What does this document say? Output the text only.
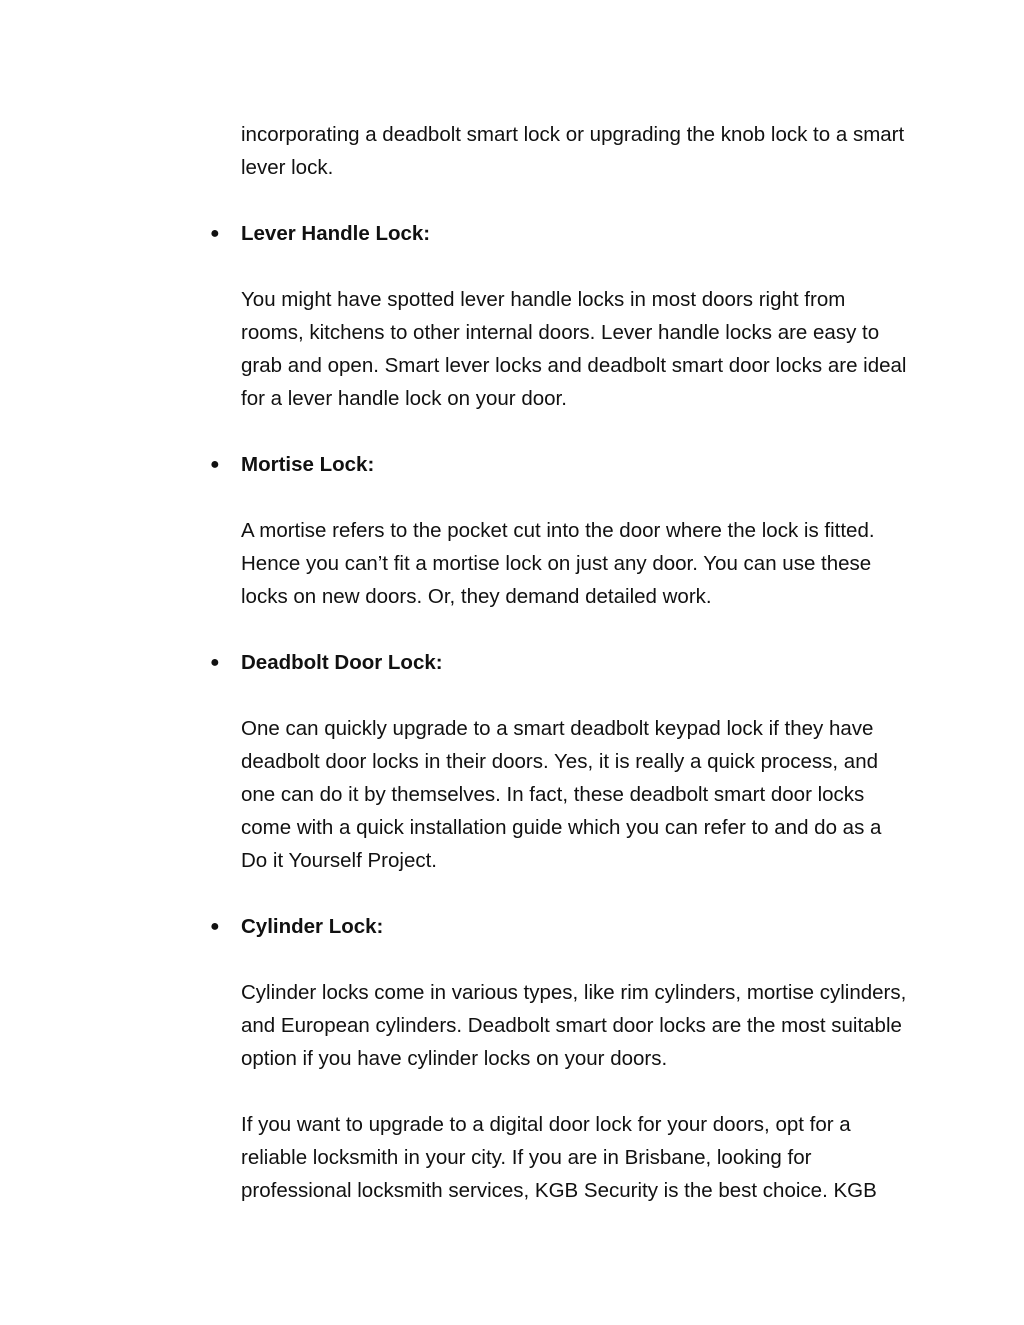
incorporating a deadbolt smart lock or upgrading the knob lock to a smart lever lock.

● Lever Handle Lock:

You might have spotted lever handle locks in most doors right from rooms, kitchens to other internal doors. Lever handle locks are easy to grab and open. Smart lever locks and deadbolt smart door locks are ideal for a lever handle lock on your door.

● Mortise Lock:

A mortise refers to the pocket cut into the door where the lock is fitted. Hence you can’t fit a mortise lock on just any door. You can use these locks on new doors. Or, they demand detailed work.

● Deadbolt Door Lock:

One can quickly upgrade to a smart deadbolt keypad lock if they have deadbolt door locks in their doors. Yes, it is really a quick process, and one can do it by themselves. In fact, these deadbolt smart door locks come with a quick installation guide which you can refer to and do as a Do it Yourself Project.

● Cylinder Lock:

Cylinder locks come in various types, like rim cylinders, mortise cylinders, and European cylinders. Deadbolt smart door locks are the most suitable option if you have cylinder locks on your doors.

If you want to upgrade to a digital door lock for your doors, opt for a reliable locksmith in your city. If you are in Brisbane, looking for professional locksmith services, KGB Security is the best choice. KGB
